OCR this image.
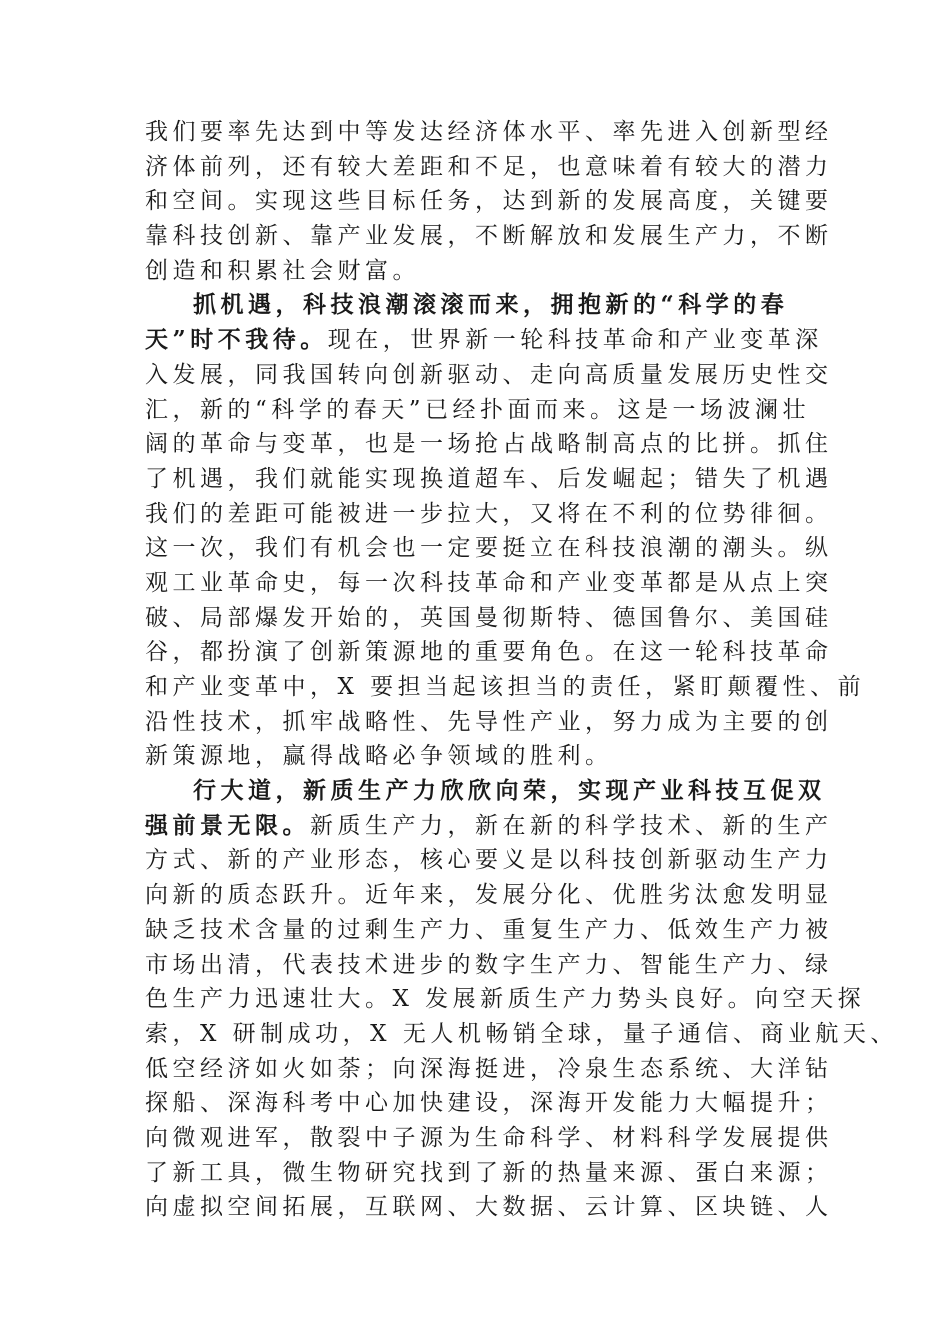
我们要率先达到中等发达经济体水平、率先进入创新型经
济体前列，还有较大差距和不足，也意味着有较大的潜力
和空间。实现这些目标任务，达到新的发展高度，关键要
靠科技创新、靠产业发展，不断解放和发展生产力，不断
创造和积累社会财富。
抓机遇，科技浪潮滚滚而来，拥抱新的“科学的春
天”时不我待。现在，世界新一轮科技革命和产业变革深
入发展，同我国转向创新驱动、走向高质量发展历史性交
汇，新的“科学的春天”已经扑面而来。这是一场波澜壮
阔的革命与变革，也是一场抢占战略制高点的比拼。抓住
了机遇，我们就能实现换道超车、后发崛起；错失了机遇
我们的差距可能被进一步拉大，又将在不利的位势徘徊。
这一次，我们有机会也一定要挺立在科技浪潮的潮头。纵
观工业革命史，每一次科技革命和产业变革都是从点上突
破、局部爆发开始的，英国曼彻斯特、德国鲁尔、美国硅
谷，都扮演了创新策源地的重要角色。在这一轮科技革命
和产业变革中，X 要担当起该担当的责任，紧盯颠覆性、前
沿性技术，抓牢战略性、先导性产业，努力成为主要的创
新策源地，赢得战略必争领域的胜利。
行大道，新质生产力欣欣向荣，实现产业科技互促双
强前景无限。新质生产力，新在新的科学技术、新的生产
方式、新的产业形态，核心要义是以科技创新驱动生产力
向新的质态跃升。近年来，发展分化、优胜劣汰愈发明显
缺乏技术含量的过剩生产力、重复生产力、低效生产力被
市场出清，代表技术进步的数字生产力、智能生产力、绿
色生产力迅速壮大。X 发展新质生产力势头良好。向空天探
索，X 研制成功，X 无人机畅销全球，量子通信、商业航天、
低空经济如火如荼；向深海挺进，冷泉生态系统、大洋钻
探船、深海科考中心加快建设，深海开发能力大幅提升；
向微观进军，散裂中子源为生命科学、材料科学发展提供
了新工具，微生物研究找到了新的热量来源、蛋白来源；
向虚拟空间拓展，互联网、大数据、云计算、区块链、人
